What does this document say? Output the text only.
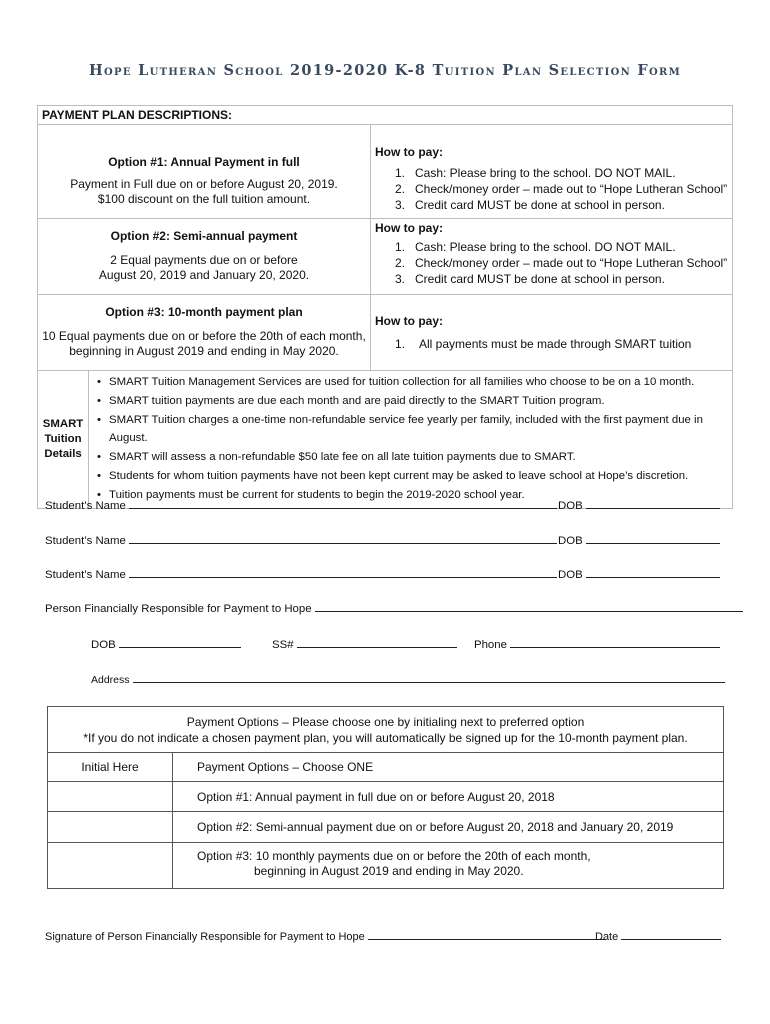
Hope Lutheran School 2019-2020 K-8 Tuition Plan Selection Form
PAYMENT PLAN DESCRIPTIONS:
Option #1: Annual Payment in full
Payment in Full due on or before August 20, 2019.
$100 discount on the full tuition amount.
How to pay:
1. Cash: Please bring to the school. DO NOT MAIL.
2. Check/money order – made out to “Hope Lutheran School”
3. Credit card MUST be done at school in person.
Option #2: Semi-annual payment
2 Equal payments due on or before
August 20, 2019 and January 20, 2020.
How to pay:
1. Cash: Please bring to the school. DO NOT MAIL.
2. Check/money order – made out to “Hope Lutheran School”
3. Credit card MUST be done at school in person.
Option #3: 10-month payment plan
10 Equal payments due on or before the 20th of each month,
beginning in August 2019 and ending in May 2020.
How to pay:
1. All payments must be made through SMART tuition
SMART
Tuition
Details
• SMART Tuition Management Services are used for tuition collection for all families who choose to be on a 10 month.
• SMART tuition payments are due each month and are paid directly to the SMART Tuition program.
• SMART Tuition charges a one-time non-refundable service fee yearly per family, included with the first payment due in August.
• SMART will assess a non-refundable $50 late fee on all late tuition payments due to SMART.
• Students for whom tuition payments have not been kept current may be asked to leave school at Hope’s discretion.
• Tuition payments must be current for students to begin the 2019-2020 school year.
Student’s Name	DOB
Student’s Name	DOB
Student’s Name	DOB
Person Financially Responsible for Payment to Hope
DOB	SS#	Phone
Address
Payment Options – Please choose one by initialing next to preferred option
*If you do not indicate a chosen payment plan, you will automatically be signed up for the 10-month payment plan.
Initial Here	Payment Options – Choose ONE
Option #1: Annual payment in full due on or before August 20, 2018
Option #2: Semi-annual payment due on or before August 20, 2018 and January 20, 2019
Option #3: 10 monthly payments due on or before the 20th of each month,
beginning in August 2019 and ending in May 2020.
Signature of Person Financially Responsible for Payment to Hope	Date
